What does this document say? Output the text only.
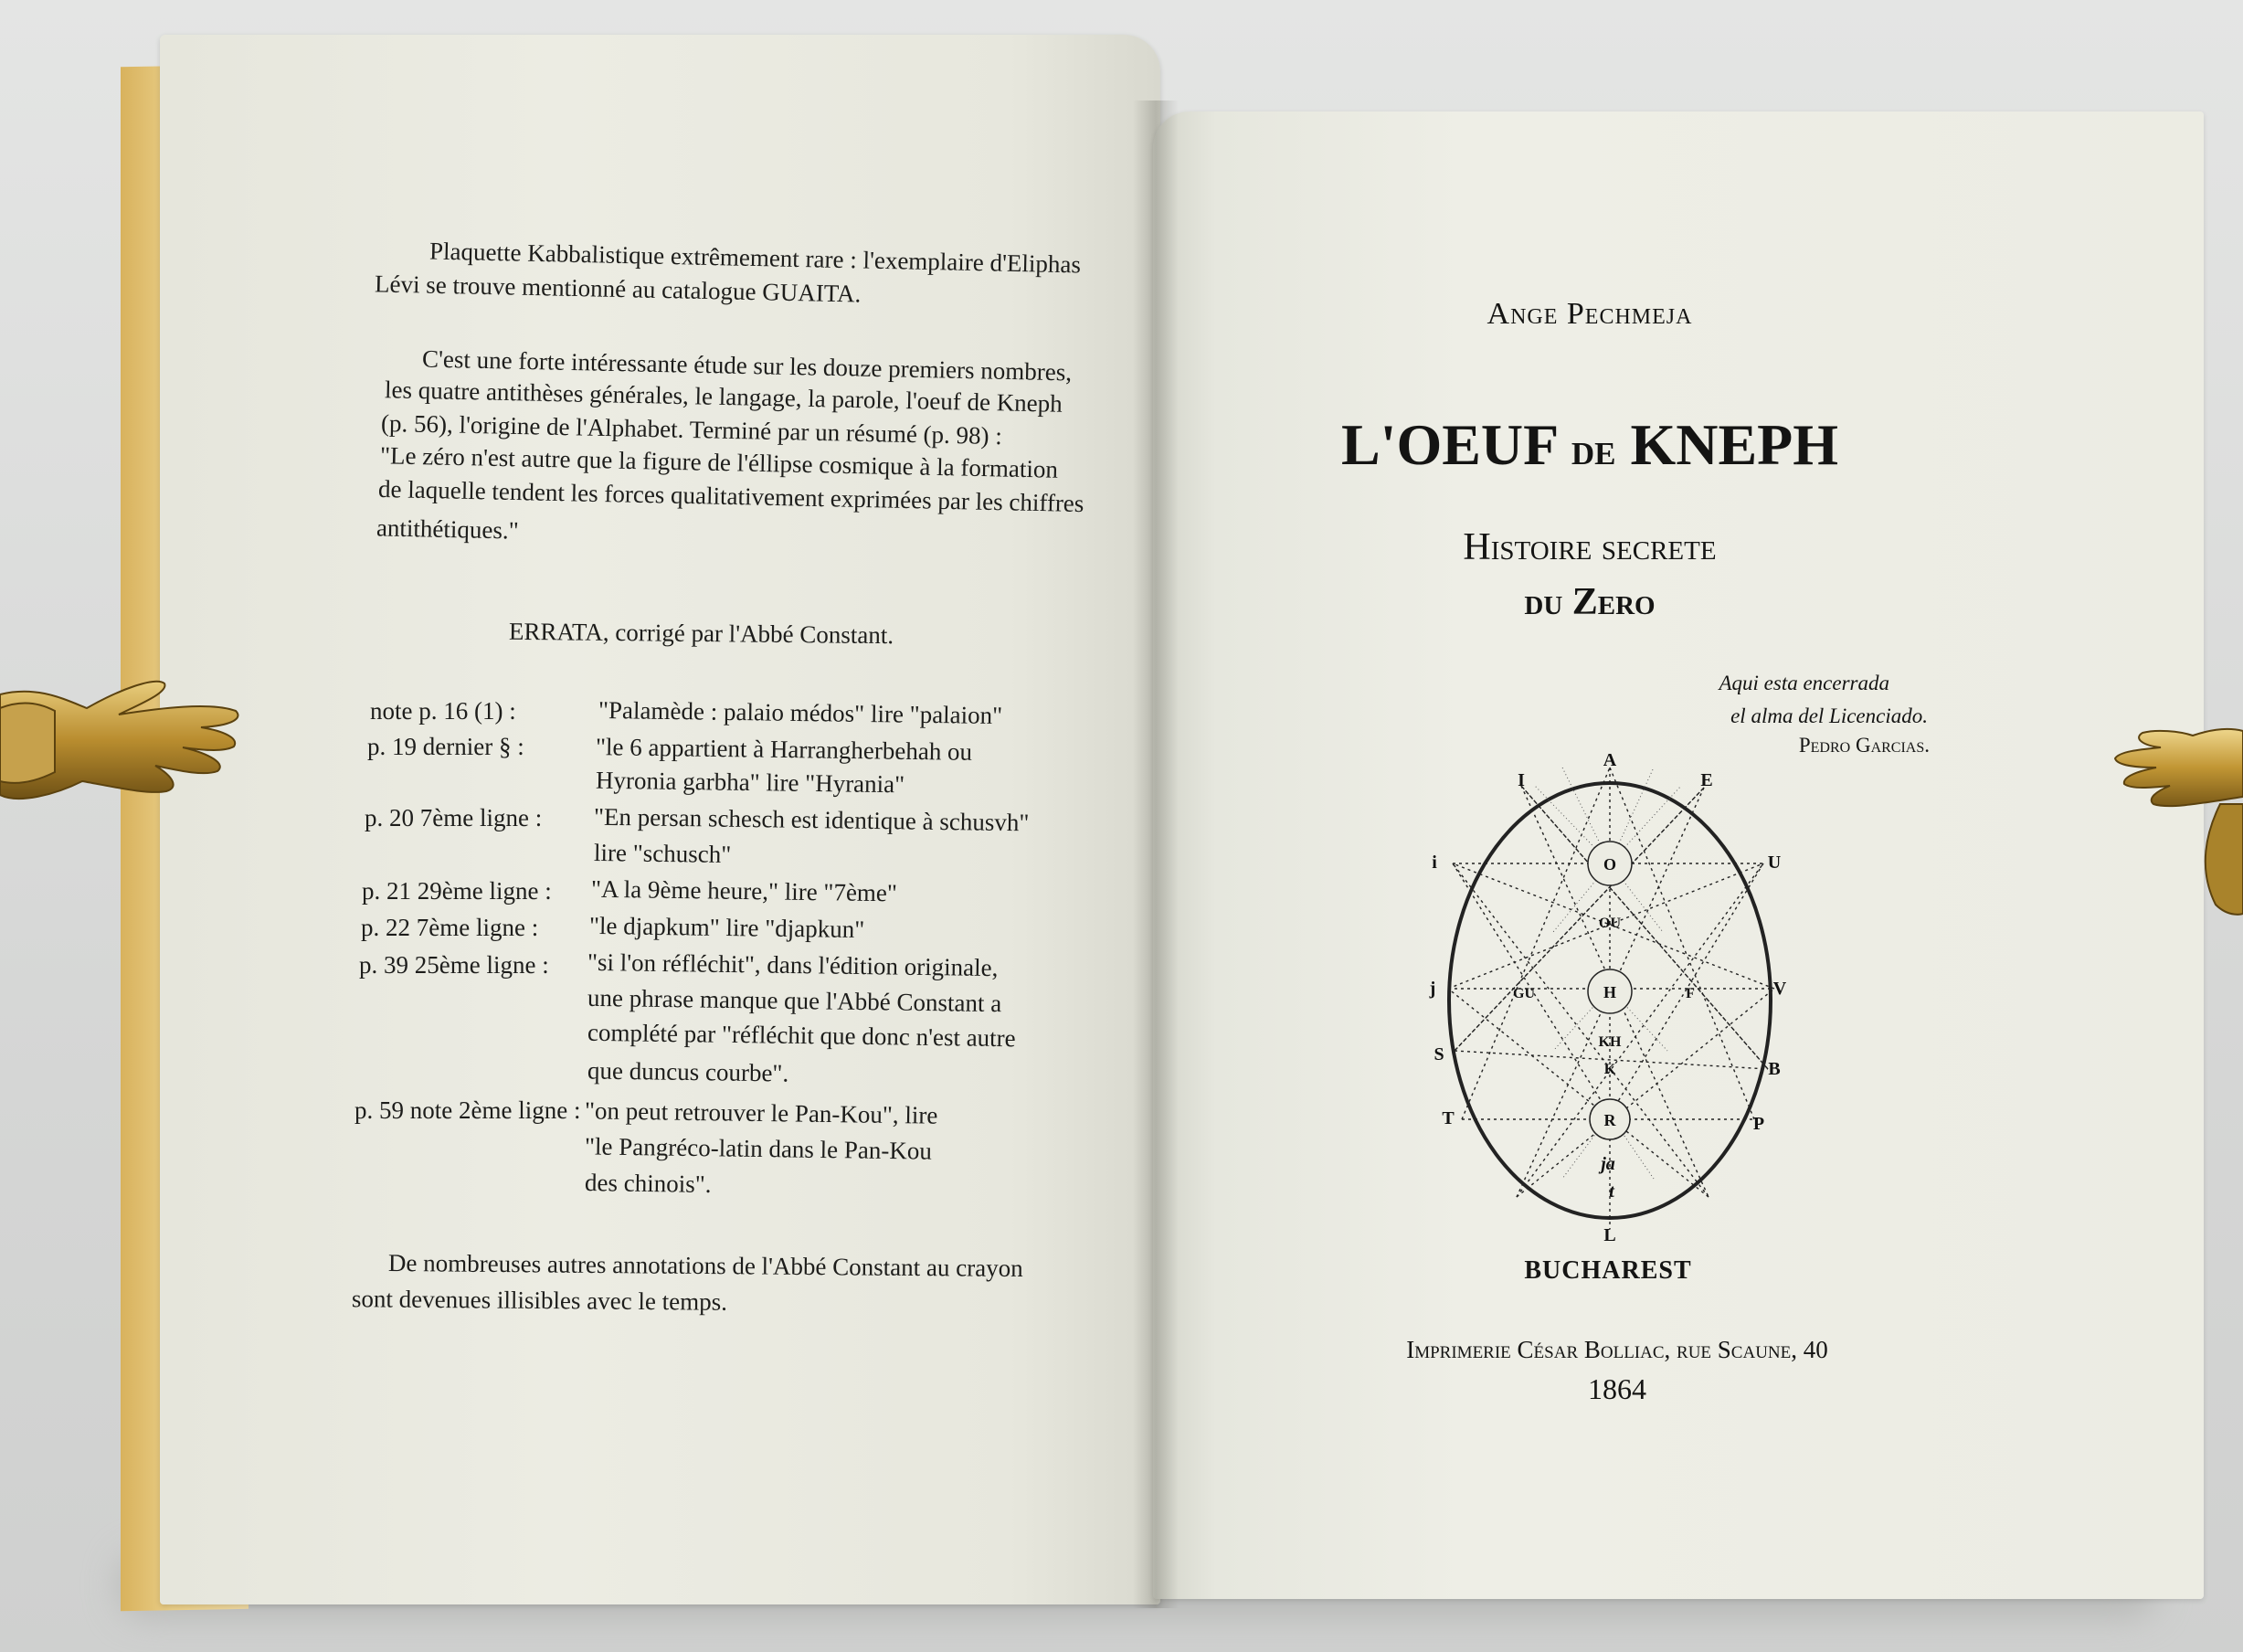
Plaquette Kabbalistique extrêmement rare : l'exemplaire d'Eliphas
Lévi se trouve mentionné au catalogue GUAITA.
C'est une forte intéressante étude sur les douze premiers nombres,
les quatre antithèses générales, le langage, la parole, l'oeuf de Kneph
(p. 56), l'origine de l'Alphabet. Terminé par un résumé (p. 98) :
"Le zéro n'est autre que la figure de l'éllipse cosmique à la formation
de laquelle tendent les forces qualitativement exprimées par les chiffres
antithétiques."
ERRATA, corrigé par l'Abbé Constant.
note p. 16 (1) :	"Palamède : palaio médos" lire "palaion"
p. 19 dernier § :	"le 6 appartient à Harrangherbehah ou
Hyronia garbha" lire "Hyrania"
p. 20 7ème ligne : "En persan schesch est identique à schusvh"
lire "schusch"
p. 21 29ème ligne : "A la 9ème heure," lire "7ème"
p. 22 7ème ligne : "le djapkum" lire "djapkun"
p. 39 25ème ligne : "si l'on réfléchit", dans l'édition originale,
une phrase manque que l'Abbé Constant a
complété par "réfléchit que donc n'est autre
que duncus courbe".
p. 59 note 2ème ligne : "on peut retrouver le Pan-Kou", lire
"le Pangréco-latin dans le Pan-Kou
des chinois".
De nombreuses autres annotations de l'Abbé Constant au crayon
sont devenues illisibles avec le temps.
Ange Pechmeja
L'OEUF de KNEPH
Histoire secrete
du Zero
Aqui esta encerrada
el alma del Licenciado.
Pedro Garcias.
A
I	E
i	U
j	V
S
B
T	P
L
O
OU
H
GU	F
KH
K
R
ja
t
BUCHAREST
Imprimerie César Bolliac, rue Scaune, 40
1864
